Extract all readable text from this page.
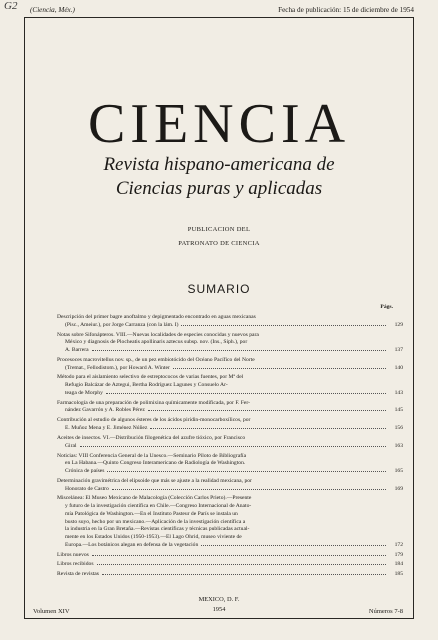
G2 (Ciencia, Méx.)	Fecha de publicación: 15 de diciembre de 1954
CIENCIA
Revista hispano-americana de
Ciencias puras y aplicadas
PUBLICACION DEL
PATRONATO DE CIENCIA
SUMARIO
Págs.
Descripción del primer bagre anoftalmo y depigmentado encontrado en aguas mexicanas
(Pisc., Ameiur.), por Jorge Carranza (con la lám. I)	129
Notas sobre Sifonápteros. VIII.—Nuevas localidades de especies conocidas y nuevos para
México y diagnosis de Plocheatis apollinaris aztecus subsp. nov. (Ins., Siph.), por
A. Barrera	137
Procesoces macrovitellus nov. sp., de un pez embiotócido del Océano Pacífico del Norte
(Tremat., Fellodistom.), por Howard A. Winter	140
Método para el aislamiento selectivo de estreptococos de varias fuentes, por Mª del
Refugio Balcázar de Aztegui, Bertha Rodríguez Lagunes y Consuelo Ar-
teaga de Morphy	143
Farmacología de una preparación de polimixina químicamente modificada, por F. Fer-
nández Gavarrón y A. Robles Pérez	145
Contribución al estudio de algunos ésteres de los ácidos piridin-monocarboxílicos, por
E. Muñoz Mena y E. Jiménez Núñez	156
Aceites de insectos. VI.—Distribución filogenética del azufre tióxico, por Francisco
Giral	163
Noticias: VIII Conferencia General de la Unesco.—Seminario Piloto de Bibliografía
en La Habana.—Quinto Congreso Interamericano de Radiología de Washington.
Crónica de países	165
Determinación gravimétrica del elipsoide que más se ajuste a la realidad mexicana, por
Honorato de Castro	169
Miscelánea: El Museo Mexicano de Malacología (Colección Carlos Prieto).—Presente
y futuro de la investigación científica en Chile.—Congreso Internacional de Anato-
mía Patológica de Washington.—En el Instituto Pasteur de París se instala un
busto suyo, hecho por un mexicano.—Aplicación de la investigación científica a
la industria en la Gran Bretaña.—Revistas científicas y técnicas publicadas actual-
mente en los Estados Unidos (1950-1953).—El Lago Ohrid, museo viviente de
Europa.—Los botánicos alegan en defensa de la vegetación	172
Libros nuevos	179
Libros recibidos	184
Revista de revistas	185
MEXICO, D. F.
1954
Volumen XIV	Números 7-8
